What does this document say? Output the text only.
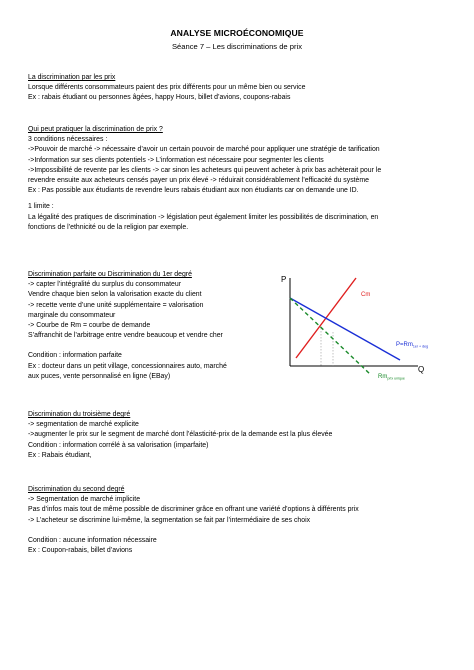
ANALYSE MICROÉCONOMIQUE
Séance 7 – Les discriminations de prix

La discrimination par les prix

Lorsque différents consommateurs paient des prix différents pour un même bien ou service

Ex : rabais étudiant ou personnes âgées, happy Hours, billet d’avions, coupons-rabais

Qui peut pratiquer la discrimination de prix ?

3 conditions nécessaires :

->Pouvoir de marché -> nécessaire d’avoir un certain pouvoir de marché pour appliquer une stratégie de tarification

->Information sur ses clients potentiels -> L’information est nécessaire pour segmenter les clients

->Impossibilité de revente par les clients -> car sinon les acheteurs qui peuvent acheter à prix bas achèterait pour le

revendre ensuite aux acheteurs censés payer un prix élevé -> réduirait considérablement l’efficacité du système

Ex : Pas possible aux étudiants de revendre leurs rabais étudiant aux non étudiants car on demande une ID.

1 limite :

La légalité des pratiques de discrimination -> législation peut également limiter les possibilités de discrimination, en

fonctions de l’ethnicité ou de la religion par exemple.

Discrimination parfaite ou Discrimination du 1er degré

-> capter l’intégralité du surplus du consommateur

Vendre chaque bien selon la valorisation exacte du client

-> recette vente d’une unité supplémentaire = valorisation

marginale du consommateur

-> Courbe de Rm = courbe de demande

S’affranchit de l’arbitrage entre vendre beaucoup et vendre cher

Condition : information parfaite

Ex : docteur dans un petit village, concessionnaires auto, marché

aux puces, vente personnalisé en ligne (EBay)

P
Q
Cm
$P=Rm_{1er + deg}$
$Rm_{prix unique}$

Discrimination du troisième degré

-> segmentation de marché explicite

->augmenter le prix sur le segment de marché dont l’élasticité-prix de la demande est la plus élevée

Condition : information corrélé à sa valorisation (imparfaite)

Ex : Rabais étudiant,

Discrimination du second degré

-> Segmentation de marché implicite

Pas d’infos mais tout de même possible de discriminer grâce en offrant une variété d’options à différents prix

-> L’acheteur se discrimine lui-même, la segmentation se fait par l’intermédiaire de ses choix

Condition : aucune information nécessaire

Ex : Coupon-rabais, billet d’avions
